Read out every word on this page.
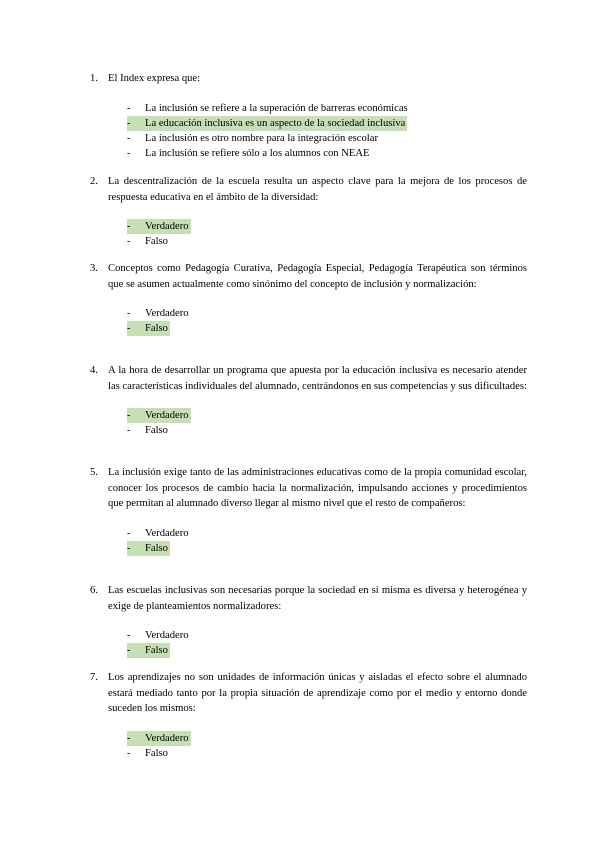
1. El Index expresa que:
-	La inclusión se refiere a la superación de barreras económicas
-	La educación inclusiva es un aspecto de la sociedad inclusiva
-	La inclusión es otro nombre para la integración escolar
-	La inclusión se refiere sólo a los alumnos con NEAE
2. La descentralización de la escuela resulta un aspecto clave para la mejora de los procesos de respuesta educativa en el ámbito de la diversidad:
-	Verdadero
-	Falso
3. Conceptos como Pedagogía Curativa, Pedagogía Especial, Pedagogía Terapéutica son términos que se asumen actualmente como sinónimo del concepto de inclusión y normalización:
-	Verdadero
-	Falso
4. A la hora de desarrollar un programa que apuesta por la educación inclusiva es necesario atender las características individuales del alumnado, centrándonos en sus competencias y sus dificultades:
-	Verdadero
-	Falso
5. La inclusión exige tanto de las administraciones educativas como de la propia comunidad escolar, conocer los procesos de cambio hacia la normalización, impulsando acciones y procedimientos que permitan al alumnado diverso llegar al mismo nivel que el resto de compañeros:
-	Verdadero
-	Falso
6. Las escuelas inclusivas son necesarias porque la sociedad en sí misma es diversa y heterogénea y exige de planteamientos normalizadores:
-	Verdadero
-	Falso
7. Los aprendizajes no son unidades de información únicas y aisladas el efecto sobre el alumnado estará mediado tanto por la propia situación de aprendizaje como por el medio y entorno donde suceden los mismos:
-	Verdadero
-	Falso
